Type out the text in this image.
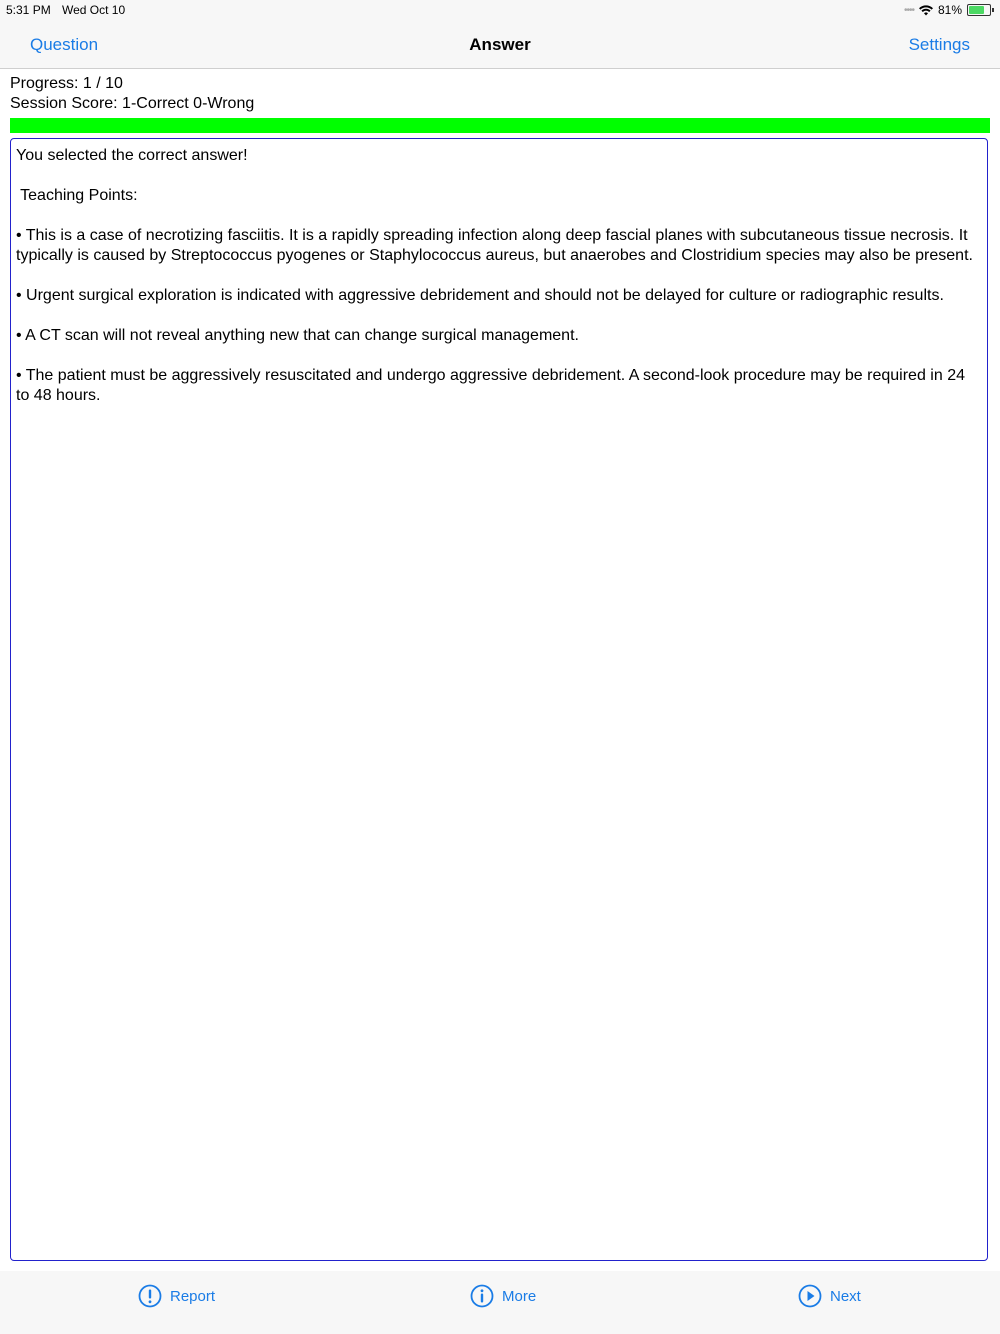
5:31 PM Wed Oct 10	•••• 81%
Question	Answer	Settings
Progress: 1 / 10
Session Score: 1-Correct 0-Wrong

You selected the correct answer!

Teaching Points:

• This is a case of necrotizing fasciitis. It is a rapidly spreading infection along deep fascial planes with subcutaneous tissue necrosis. It typically is caused by Streptococcus pyogenes or Staphylococcus aureus, but anaerobes and Clostridium species may also be present.

• Urgent surgical exploration is indicated with aggressive debridement and should not be delayed for culture or radiographic results.

• A CT scan will not reveal anything new that can change surgical management.

• The patient must be aggressively resuscitated and undergo aggressive debridement. A second-look procedure may be required in 24 to 48 hours.

Report	More	Next
